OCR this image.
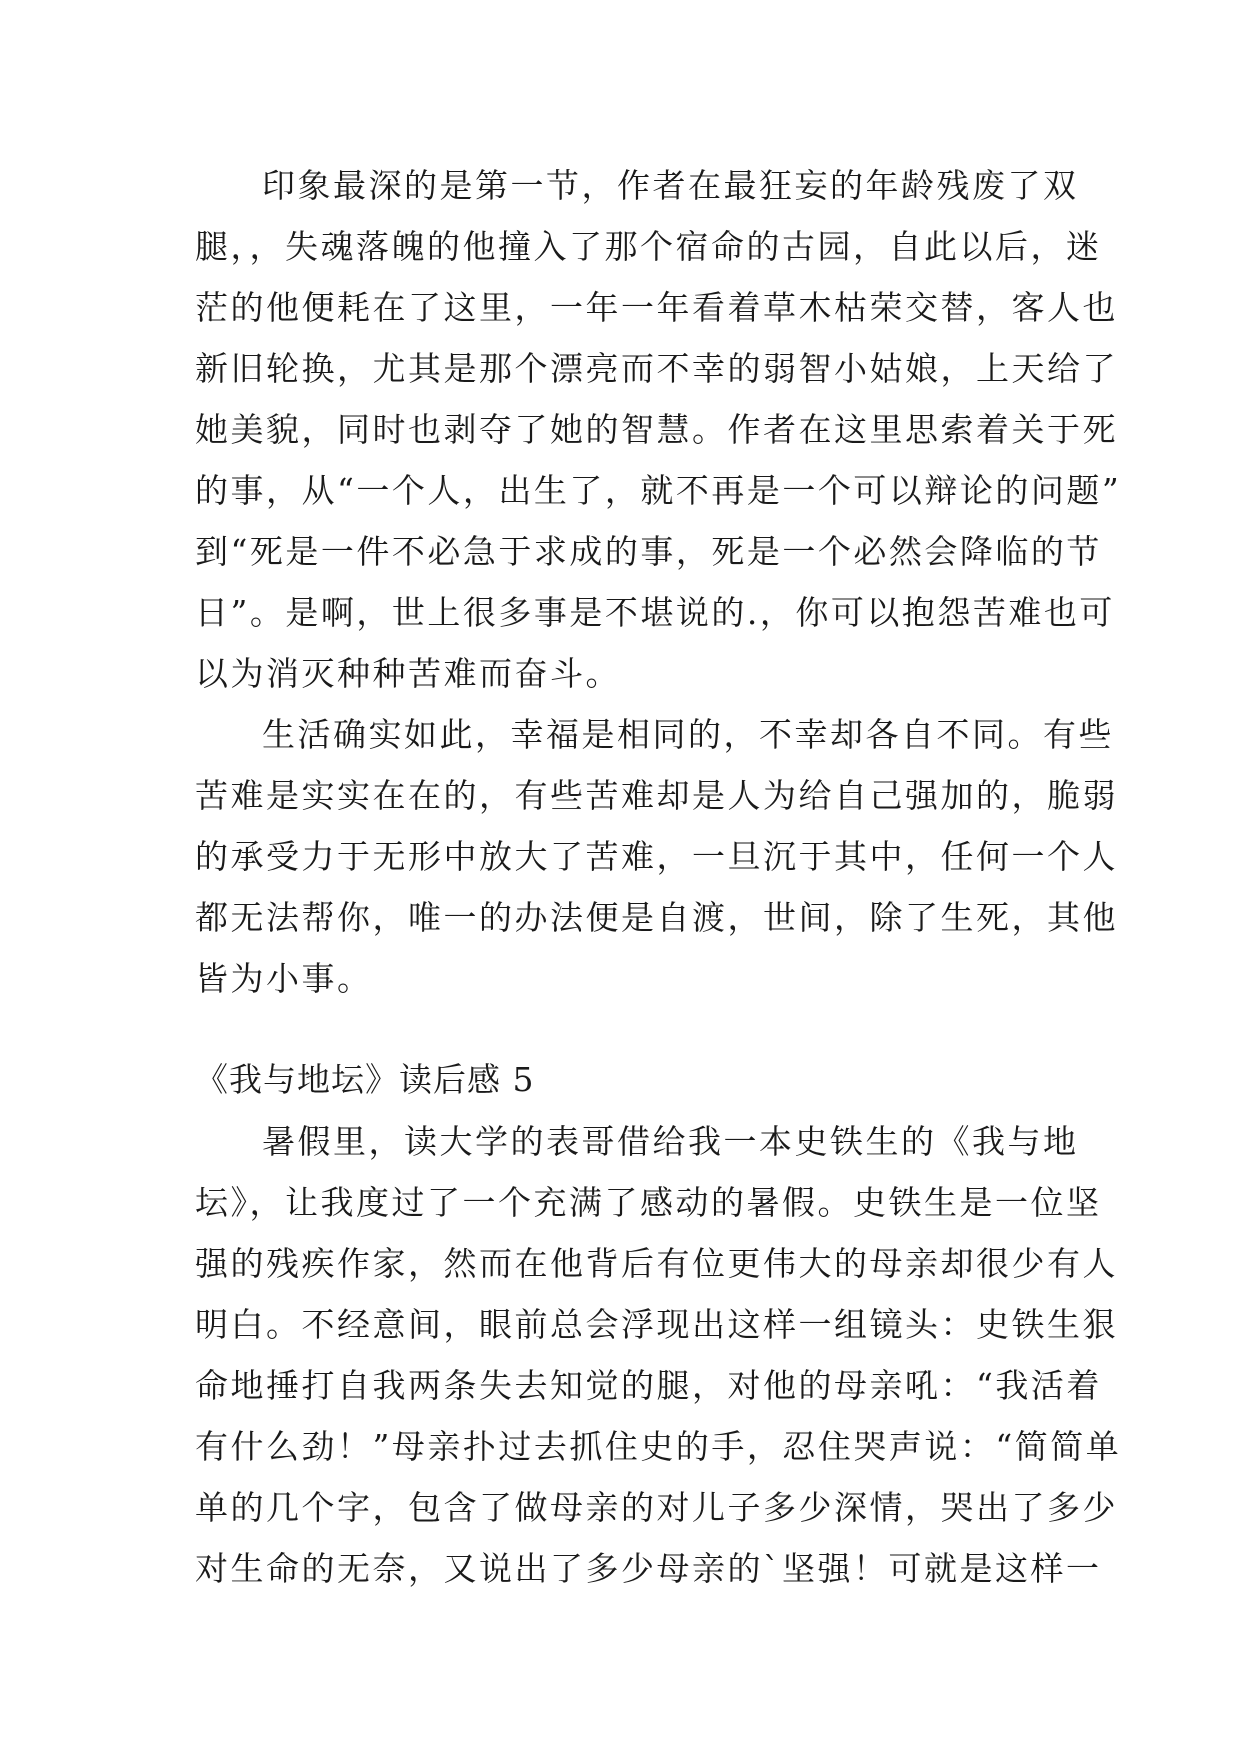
印象最深的是第一节，作者在最狂妄的年龄残废了双
腿，，失魂落魄的他撞入了那个宿命的古园，自此以后，迷
茫的他便耗在了这里，一年一年看着草木枯荣交替，客人也
新旧轮换，尤其是那个漂亮而不幸的弱智小姑娘，上天给了
她美貌，同时也剥夺了她的智慧。作者在这里思索着关于死
的事，从“一个人，出生了，就不再是一个可以辩论的问题”
到“死是一件不必急于求成的事，死是一个必然会降临的节
日”。是啊，世上很多事是不堪说的.，你可以抱怨苦难也可
以为消灭种种苦难而奋斗。
生活确实如此，幸福是相同的，不幸却各自不同。有些
苦难是实实在在的，有些苦难却是人为给自己强加的，脆弱
的承受力于无形中放大了苦难，一旦沉于其中，任何一个人
都无法帮你，唯一的办法便是自渡，世间，除了生死，其他
皆为小事。
《我与地坛》读后感 5
暑假里，读大学的表哥借给我一本史铁生的《我与地
坛》，让我度过了一个充满了感动的暑假。史铁生是一位坚
强的残疾作家，然而在他背后有位更伟大的母亲却很少有人
明白。不经意间，眼前总会浮现出这样一组镜头：史铁生狠
命地捶打自我两条失去知觉的腿，对他的母亲吼：“我活着
有什么劲！”母亲扑过去抓住史的手，忍住哭声说：“简简单
单的几个字，包含了做母亲的对儿子多少深情，哭出了多少
对生命的无奈，又说出了多少母亲的`坚强！可就是这样一
